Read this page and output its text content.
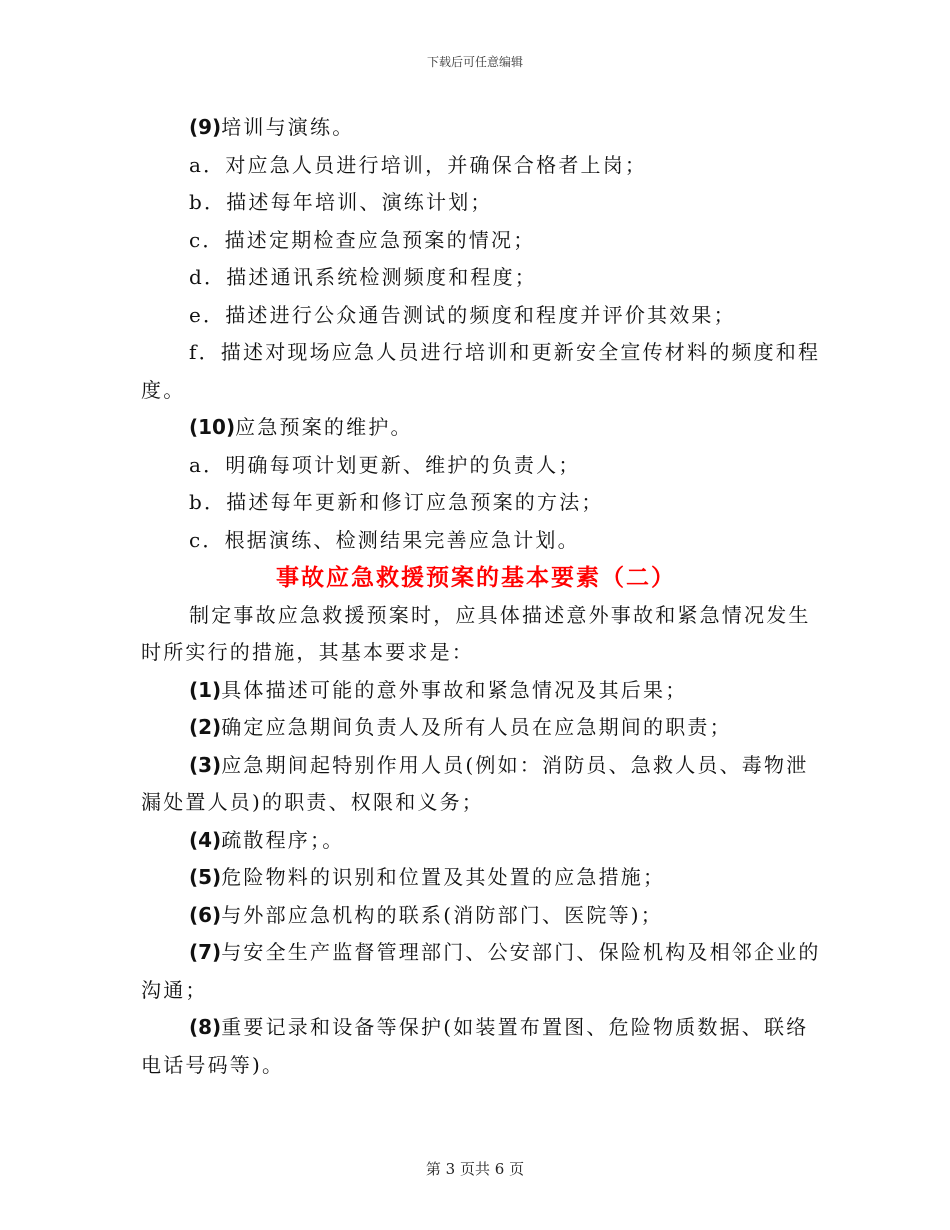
下载后可任意编辑
(9)培训与演练。
a．对应急人员进行培训，并确保合格者上岗；
b．描述每年培训、演练计划；
c．描述定期检查应急预案的情况；
d．描述通讯系统检测频度和程度；
e．描述进行公众通告测试的频度和程度并评价其效果；
f．描述对现场应急人员进行培训和更新安全宣传材料的频度和程
度。
(10)应急预案的维护。
a．明确每项计划更新、维护的负责人；
b．描述每年更新和修订应急预案的方法；
c．根据演练、检测结果完善应急计划。
事故应急救援预案的基本要素（二）
制定事故应急救援预案时，应具体描述意外事故和紧急情况发生
时所实行的措施，其基本要求是：
(1)具体描述可能的意外事故和紧急情况及其后果；
(2)确定应急期间负责人及所有人员在应急期间的职责；
(3)应急期间起特别作用人员(例如：消防员、急救人员、毒物泄
漏处置人员)的职责、权限和义务；
(4)疏散程序；。
(5)危险物料的识别和位置及其处置的应急措施；
(6)与外部应急机构的联系(消防部门、医院等)；
(7)与安全生产监督管理部门、公安部门、保险机构及相邻企业的
沟通；
(8)重要记录和设备等保护(如装置布置图、危险物质数据、联络
电话号码等)。
第 3 页共 6 页
